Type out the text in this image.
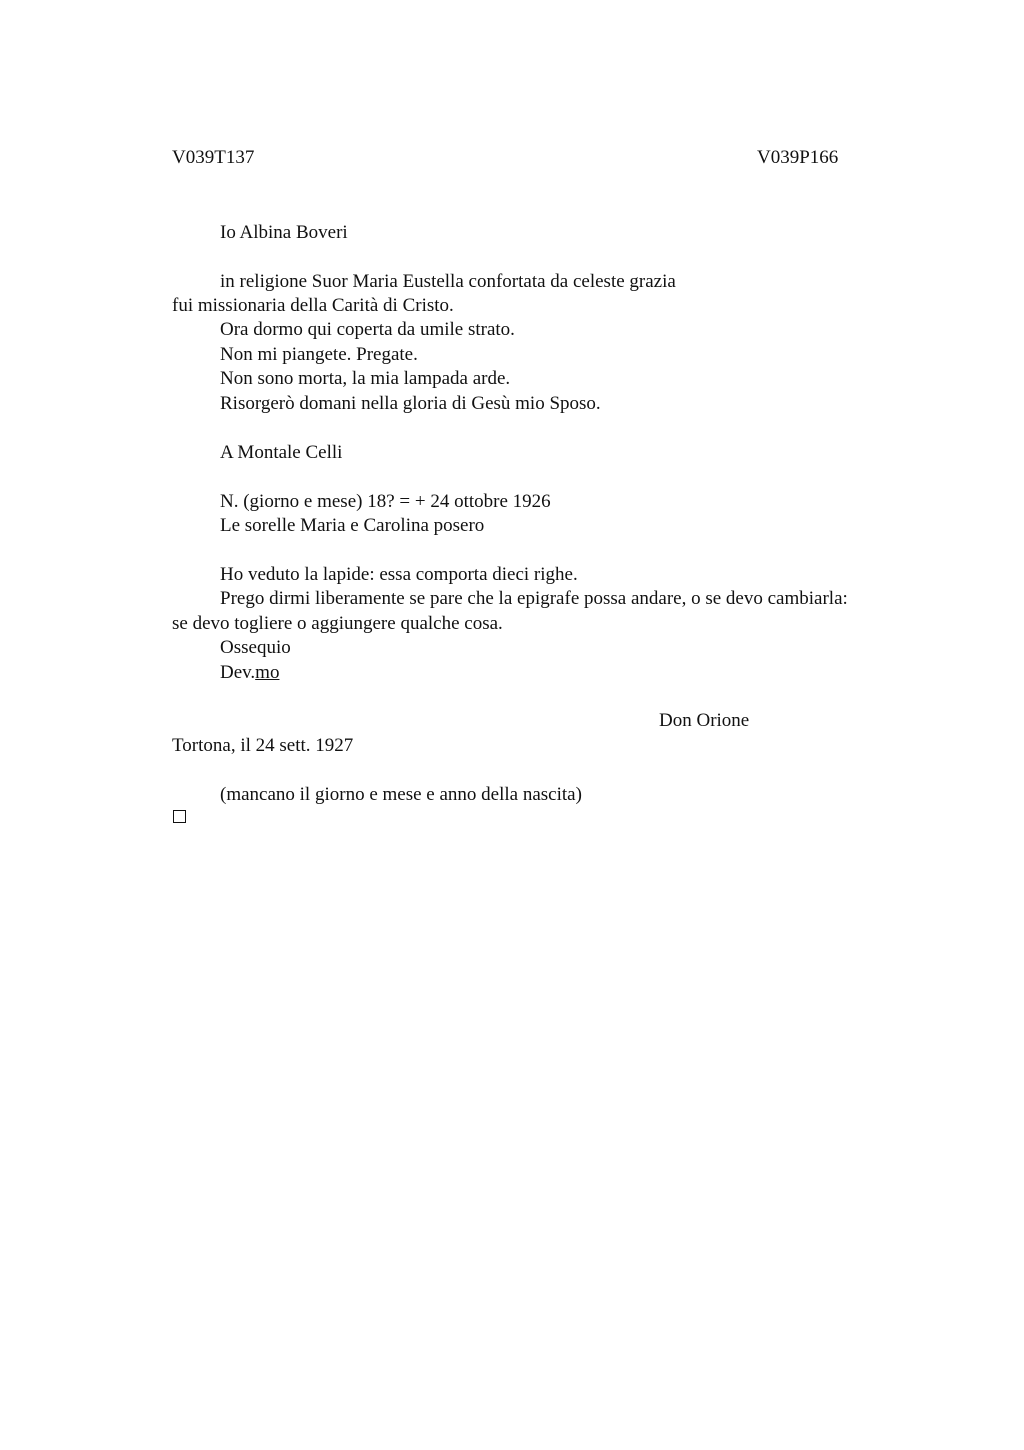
V039T137	V039P166
Io Albina Boveri
in religione Suor Maria Eustella confortata da celeste grazia
fui missionaria della Carità di Cristo.
Ora dormo qui coperta da umile strato.
Non mi piangete. Pregate.
Non sono morta, la mia lampada arde.
Risorgerò domani nella gloria di Gesù mio Sposo.
A Montale Celli
N. (giorno e mese) 18? = + 24 ottobre 1926
Le sorelle Maria e Carolina posero
Ho veduto la lapide: essa comporta dieci righe.
Prego dirmi liberamente se pare che la epigrafe possa andare, o se devo cambiarla:
se devo togliere o aggiungere qualche cosa.
Ossequio
Dev.mo
Don Orione
Tortona, il 24 sett. 1927
(mancano il giorno e mese e anno della nascita)
